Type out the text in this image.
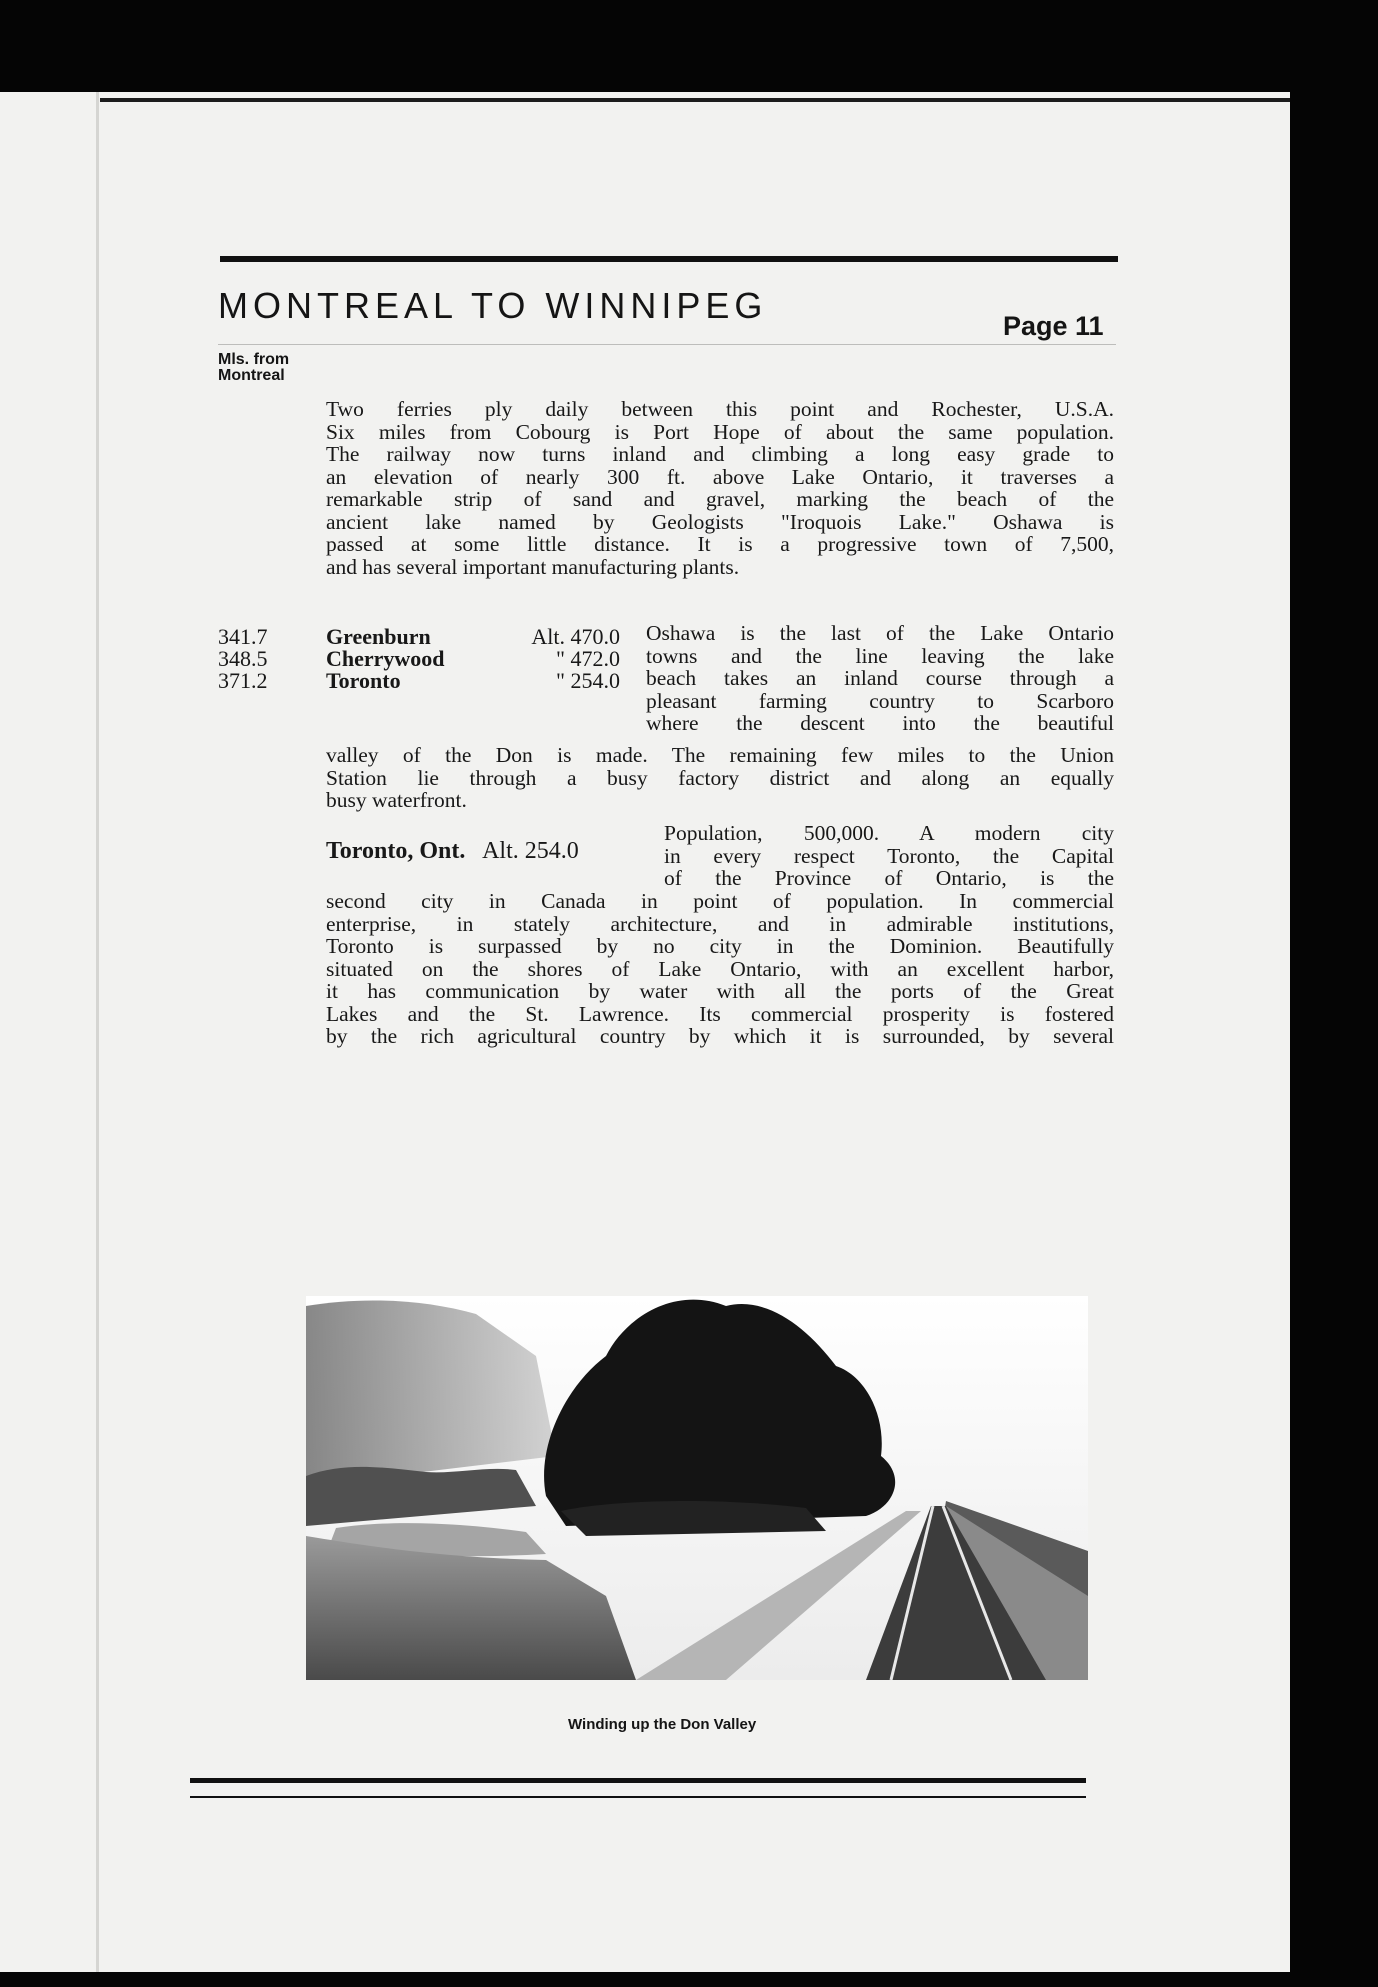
MONTREAL TO WINNIPEG	Page 11
Mls. from
Montreal
Two ferries ply daily between this point and Rochester, U.S.A.
Six miles from Cobourg is Port Hope of about the same population.
The railway now turns inland and climbing a long easy grade to
an elevation of nearly 300 ft. above Lake Ontario, it traverses a
remarkable strip of sand and gravel, marking the beach of the
ancient lake named by Geologists "Iroquois Lake." Oshawa is
passed at some little distance. It is a progressive town of 7,500,
and has several important manufacturing plants.
341.7	Greenburn	Alt. 470.0
348.5	Cherrywood	" 472.0
371.2	Toronto	" 254.0
Oshawa is the last of the Lake Ontario
towns and the line leaving the lake
beach takes an inland course through a
pleasant farming country to Scarboro
where the descent into the beautiful
valley of the Don is made. The remaining few miles to the Union
Station lie through a busy factory district and along an equally
busy waterfront.
Toronto, Ont. Alt. 254.0
Population, 500,000. A modern city
in every respect Toronto, the Capital
of the Province of Ontario, is the
second city in Canada in point of population. In commercial
enterprise, in stately architecture, and in admirable institutions,
Toronto is surpassed by no city in the Dominion. Beautifully
situated on the shores of Lake Ontario, with an excellent harbor,
it has communication by water with all the ports of the Great
Lakes and the St. Lawrence. Its commercial prosperity is fostered
by the rich agricultural country by which it is surrounded, by several
Winding up the Don Valley
